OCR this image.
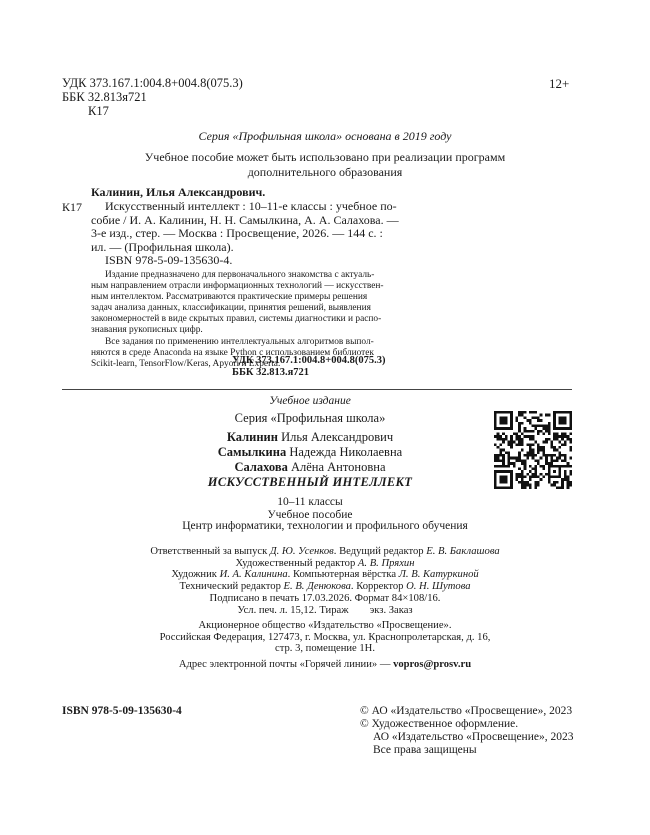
УДК 373.167.1:004.8+004.8(075.3)
ББК 32.813я721
К17
12+
Серия «Профильная школа» основана в 2019 году
Учебное пособие может быть использовано при реализации программ
дополнительного образования
Калинин, Илья Александрович.
К17	Искусственный интеллект : 10–11-е классы : учебное по-
собие / И. А. Калинин, Н. Н. Самылкина, А. А. Салахова. —
3-е изд., стер. — Москва : Просвещение, 2026. — 144 с. :
ил. — (Профильная школа).
ISBN 978-5-09-135630-4.
Издание предназначено для первоначального знакомства с актуаль-
ным направлением отрасли информационных технологий — искусствен-
ным интеллектом. Рассматриваются практические примеры решения
задач анализа данных, классификации, принятия решений, выявления
закономерностей в виде скрытых правил, системы диагностики и распо-
знавания рукописных цифр.
Все задания по применению интеллектуальных алгоритмов выпол-
няются в среде Anaconda на языке Python с использованием библиотек
Scikit-learn, TensorFlow/Keras, Apyori и Experta.
УДК 373.167.1:004.8+004.8(075.3)
ББК 32.813.я721
Учебное издание
Серия «Профильная школа»
Калинин Илья Александрович
Самылкина Надежда Николаевна
Салахова Алёна Антоновна
ИСКУССТВЕННЫЙ ИНТЕЛЛЕКТ
10–11 классы
Учебное пособие
Центр информатики, технологии и профильного обучения
Ответственный за выпуск Д. Ю. Усенков. Ведущий редактор Е. В. Баклашова
Художественный редактор А. В. Пряхин
Художник И. А. Калинина. Компьютерная вёрстка Л. В. Катуркиной
Технический редактор Е. В. Денюкова. Корректор О. Н. Шутова
Подписано в печать 17.03.2026. Формат 84×108/16.
Усл. печ. л. 15,12. Тираж        экз. Заказ
Акционерное общество «Издательство «Просвещение».
Российская Федерация, 127473, г. Москва, ул. Краснопролетарская, д. 16,
стр. 3, помещение 1Н.
Адрес электронной почты «Горячей линии» — vopros@prosv.ru
ISBN 978-5-09-135630-4	© АО «Издательство «Просвещение», 2023
© Художественное оформление.
АО «Издательство «Просвещение», 2023
Все права защищены
